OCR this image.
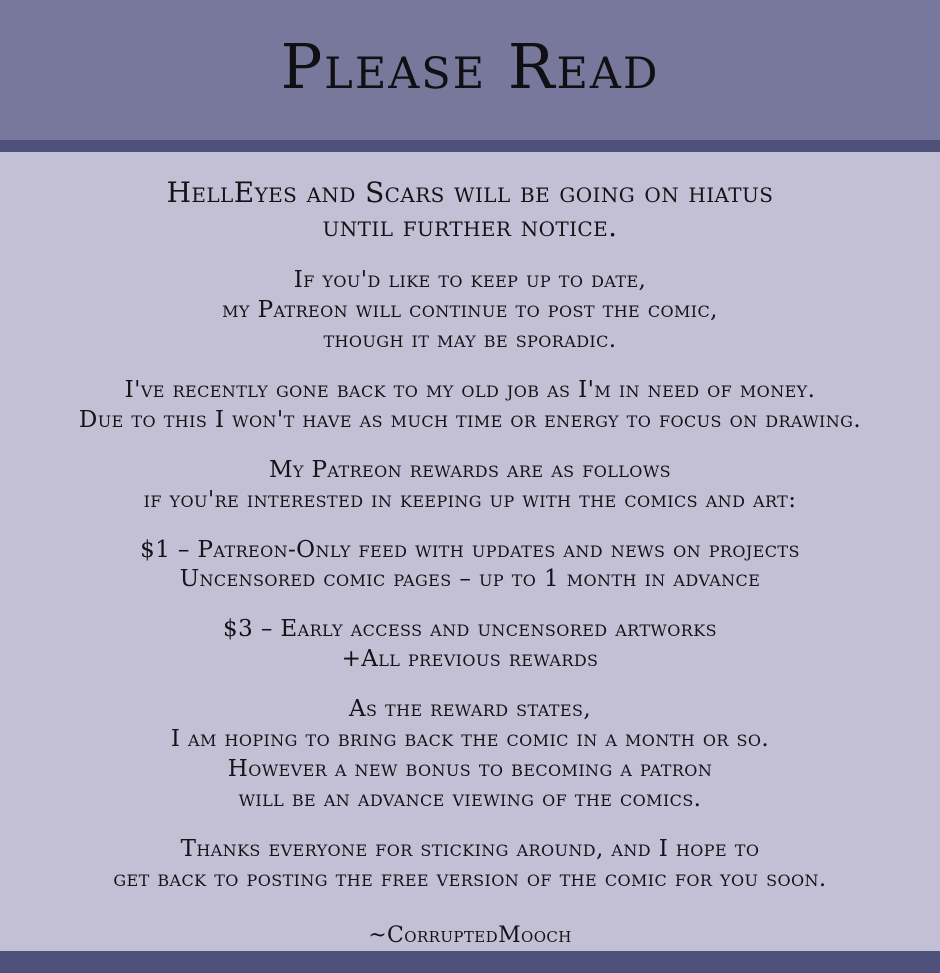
Please Read
HellEyes and Scars will be going on hiatus
until further notice.
If you'd like to keep up to date,
my Patreon will continue to post the comic,
though it may be sporadic.
I've recently gone back to my old job as I'm in need of money.
Due to this I won't have as much time or energy to focus on drawing.
My Patreon rewards are as follows
if you're interested in keeping up with the comics and art:
$1 – Patreon-Only feed with updates and news on projects
Uncensored comic pages – up to 1 month in advance
$3 – Early access and uncensored artworks
+All previous rewards
As the reward states,
I am hoping to bring back the comic in a month or so.
However a new bonus to becoming a patron
will be an advance viewing of the comics.
Thanks everyone for sticking around, and I hope to
get back to posting the free version of the comic for you soon.
~CorruptedMooch
